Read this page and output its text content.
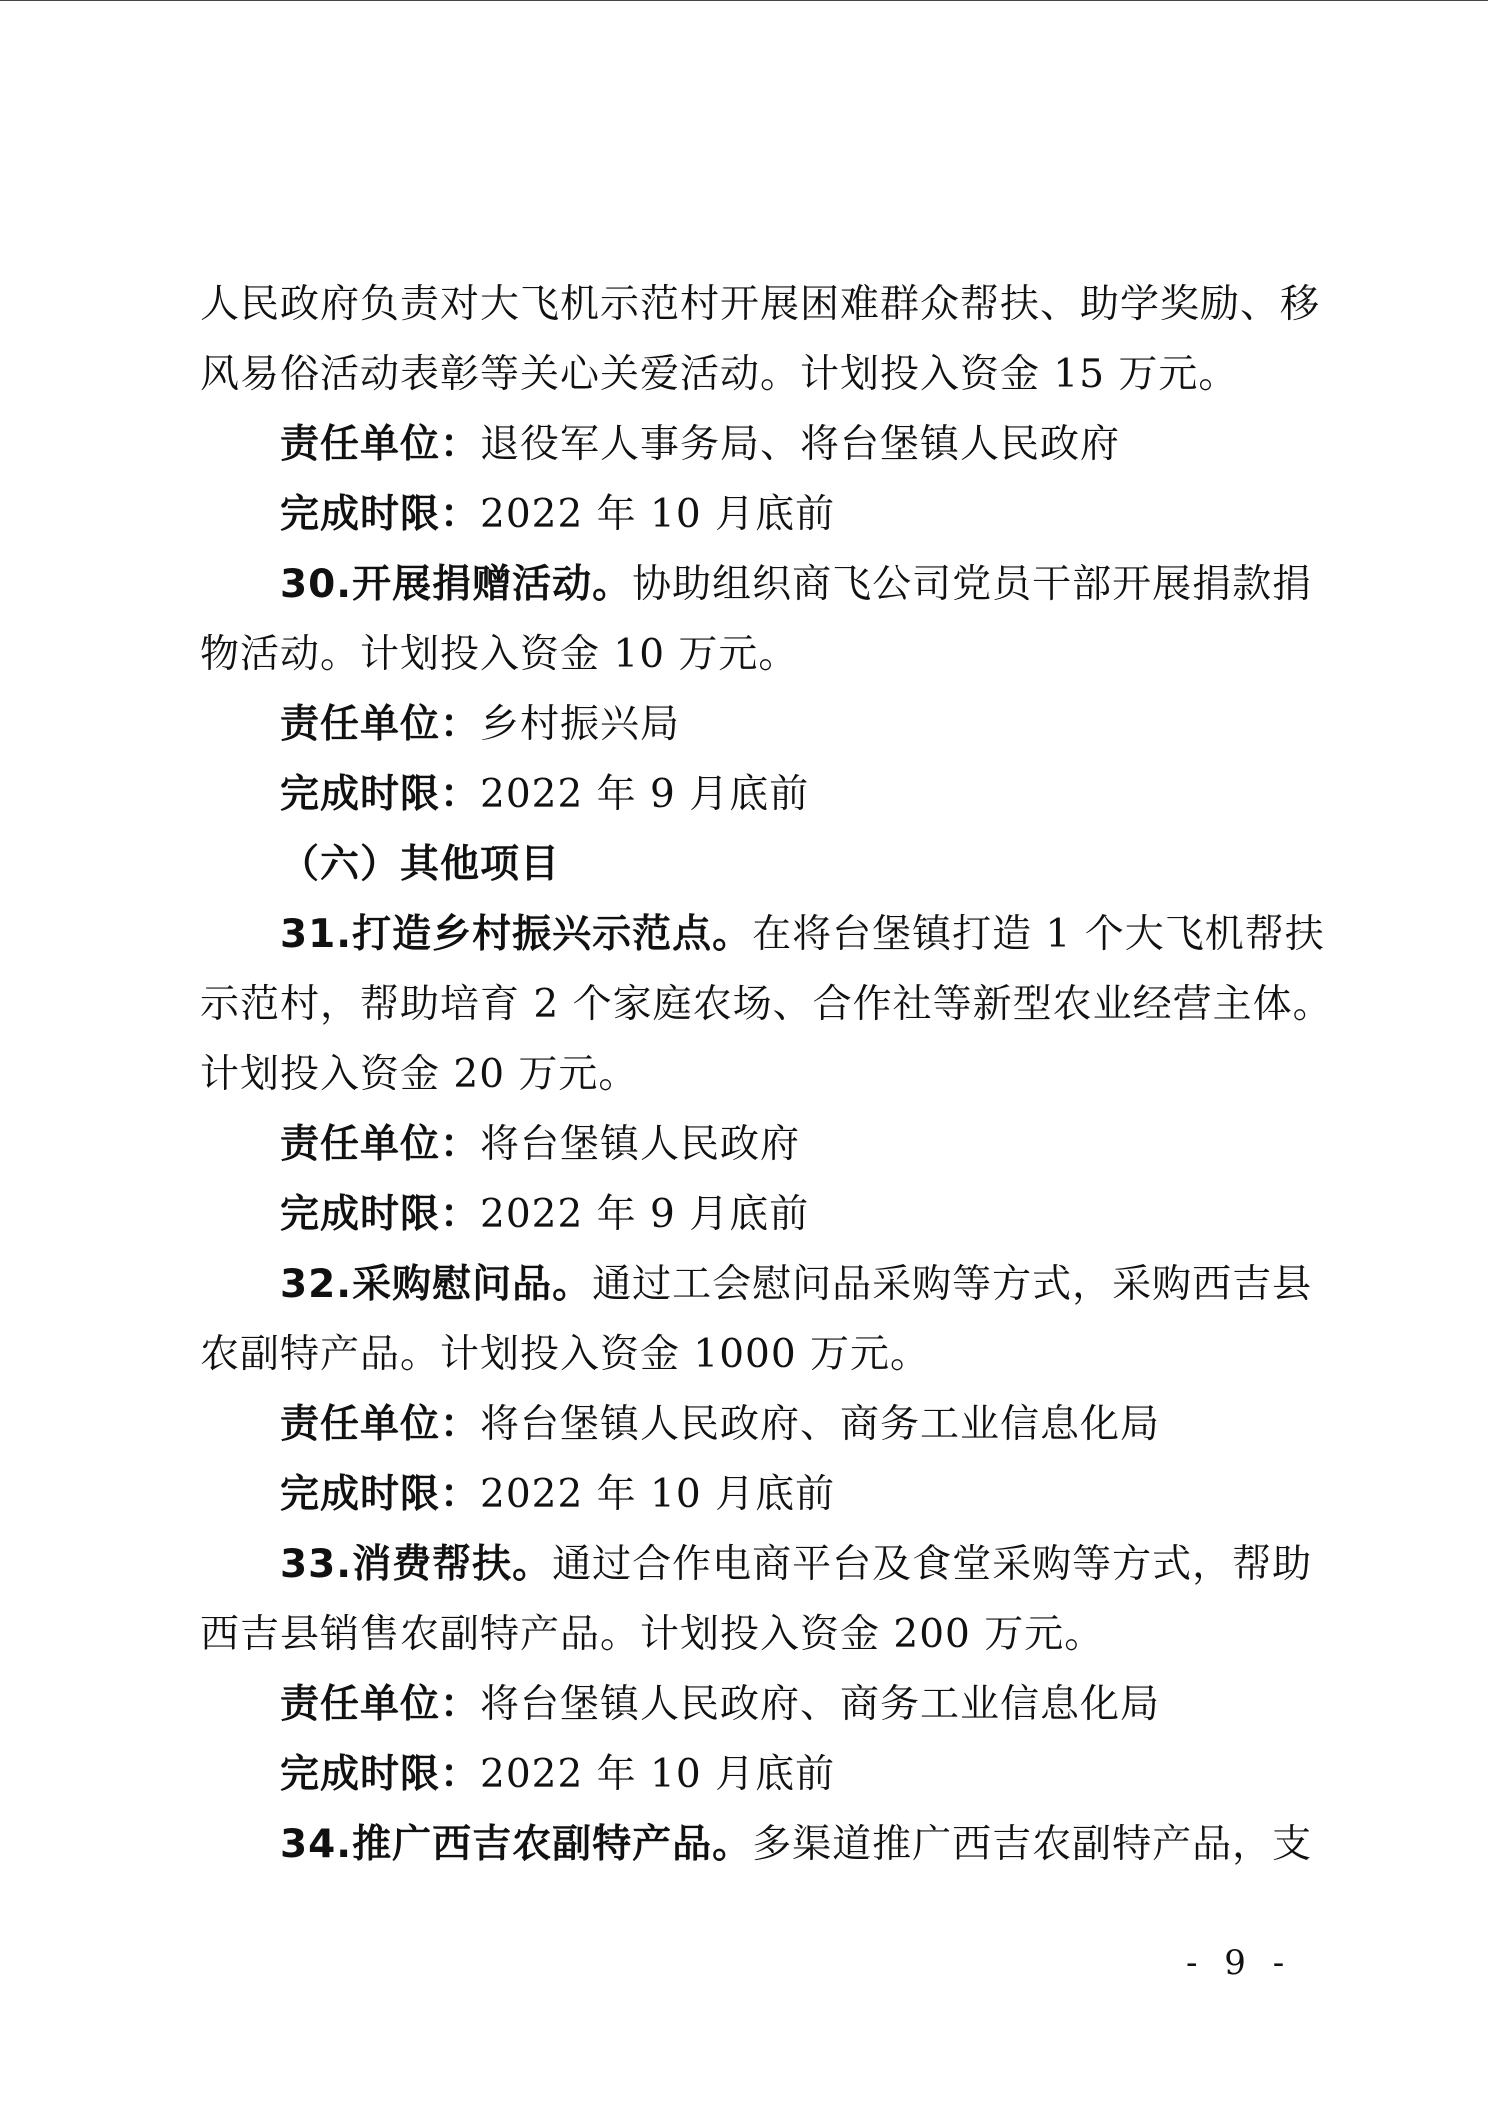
人民政府负责对大飞机示范村开展困难群众帮扶、助学奖励、移
风易俗活动表彰等关心关爱活动。计划投入资金 15 万元。
责任单位：退役军人事务局、将台堡镇人民政府
完成时限：2022 年 10 月底前
30.开展捐赠活动。协助组织商飞公司党员干部开展捐款捐
物活动。计划投入资金 10 万元。
责任单位：乡村振兴局
完成时限：2022 年 9 月底前
（六）其他项目
31.打造乡村振兴示范点。在将台堡镇打造 1 个大飞机帮扶
示范村，帮助培育 2 个家庭农场、合作社等新型农业经营主体。
计划投入资金 20 万元。
责任单位：将台堡镇人民政府
完成时限：2022 年 9 月底前
32.采购慰问品。通过工会慰问品采购等方式，采购西吉县
农副特产品。计划投入资金 1000 万元。
责任单位：将台堡镇人民政府、商务工业信息化局
完成时限：2022 年 10 月底前
33.消费帮扶。通过合作电商平台及食堂采购等方式，帮助
西吉县销售农副特产品。计划投入资金 200 万元。
责任单位：将台堡镇人民政府、商务工业信息化局
完成时限：2022 年 10 月底前
34.推广西吉农副特产品。多渠道推广西吉农副特产品，支
- 9 -
